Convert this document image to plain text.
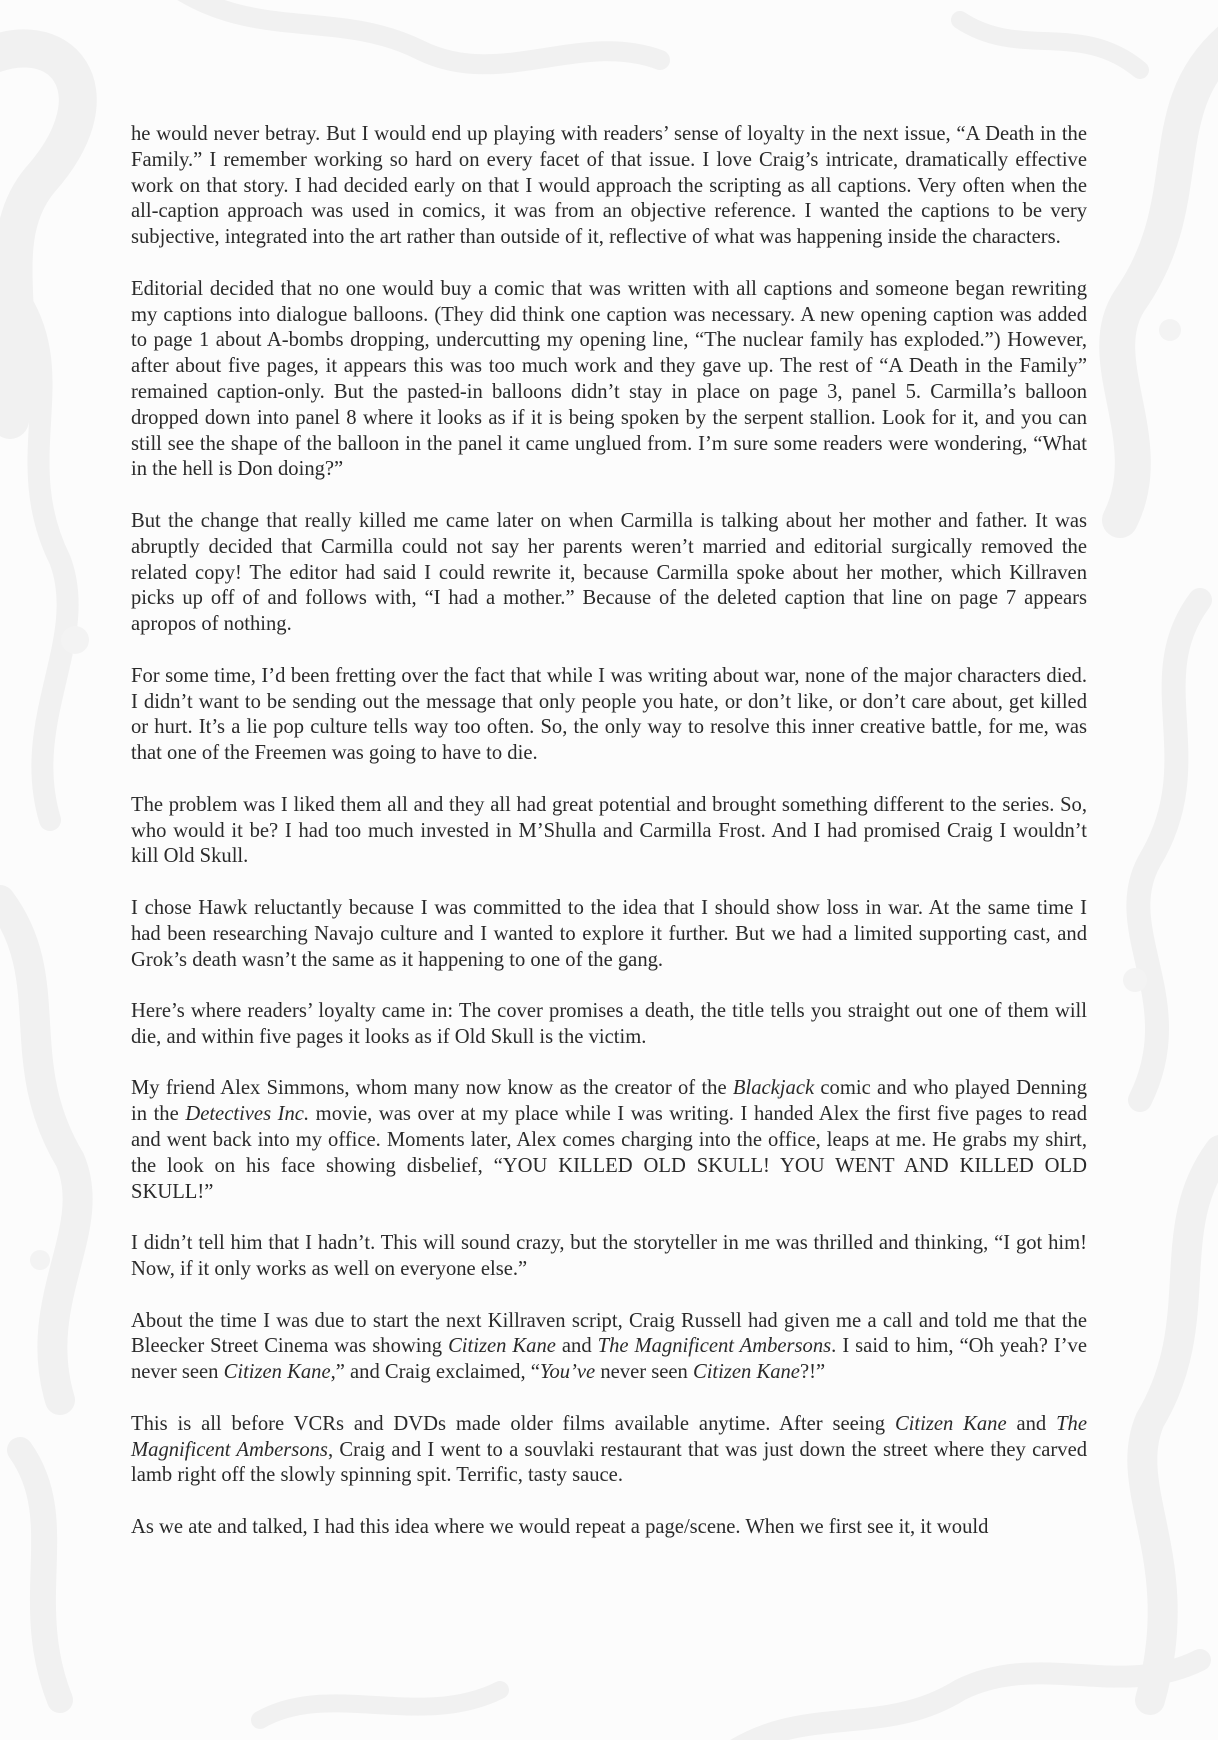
he would never betray. But I would end up playing with readers’ sense of loyalty in the next issue, “A Death in the Family.” I remember working so hard on every facet of that issue. I love Craig’s intricate, dramatically effective work on that story. I had decided early on that I would approach the scripting as all captions. Very often when the all-caption approach was used in comics, it was from an objective reference. I wanted the captions to be very subjective, integrated into the art rather than outside of it, reflective of what was happening inside the characters.

Editorial decided that no one would buy a comic that was written with all captions and someone began rewriting my captions into dialogue balloons. (They did think one caption was necessary. A new opening caption was added to page 1 about A-bombs dropping, undercutting my opening line, “The nuclear family has exploded.”) However, after about five pages, it appears this was too much work and they gave up. The rest of “A Death in the Family” remained caption-only. But the pasted-in balloons didn’t stay in place on page 3, panel 5. Carmilla’s balloon dropped down into panel 8 where it looks as if it is being spoken by the serpent stallion. Look for it, and you can still see the shape of the balloon in the panel it came unglued from. I’m sure some readers were wondering, “What in the hell is Don doing?”

But the change that really killed me came later on when Carmilla is talking about her mother and father. It was abruptly decided that Carmilla could not say her parents weren’t married and editorial surgically removed the related copy! The editor had said I could rewrite it, because Carmilla spoke about her mother, which Killraven picks up off of and follows with, “I had a mother.” Because of the deleted caption that line on page 7 appears apropos of nothing.

For some time, I’d been fretting over the fact that while I was writing about war, none of the major characters died. I didn’t want to be sending out the message that only people you hate, or don’t like, or don’t care about, get killed or hurt. It’s a lie pop culture tells way too often. So, the only way to resolve this inner creative battle, for me, was that one of the Freemen was going to have to die.

The problem was I liked them all and they all had great potential and brought something different to the series. So, who would it be? I had too much invested in M’Shulla and Carmilla Frost. And I had promised Craig I wouldn’t kill Old Skull.

I chose Hawk reluctantly because I was committed to the idea that I should show loss in war. At the same time I had been researching Navajo culture and I wanted to explore it further. But we had a limited supporting cast, and Grok’s death wasn’t the same as it happening to one of the gang.

Here’s where readers’ loyalty came in: The cover promises a death, the title tells you straight out one of them will die, and within five pages it looks as if Old Skull is the victim.

My friend Alex Simmons, whom many now know as the creator of the Blackjack comic and who played Denning in the Detectives Inc. movie, was over at my place while I was writing. I handed Alex the first five pages to read and went back into my office. Moments later, Alex comes charging into the office, leaps at me. He grabs my shirt, the look on his face showing disbelief, “YOU KILLED OLD SKULL! YOU WENT AND KILLED OLD SKULL!”

I didn’t tell him that I hadn’t. This will sound crazy, but the storyteller in me was thrilled and thinking, “I got him! Now, if it only works as well on everyone else.”

About the time I was due to start the next Killraven script, Craig Russell had given me a call and told me that the Bleecker Street Cinema was showing Citizen Kane and The Magnificent Ambersons. I said to him, “Oh yeah? I’ve never seen Citizen Kane,” and Craig exclaimed, “You’ve never seen Citizen Kane?!”

This is all before VCRs and DVDs made older films available anytime. After seeing Citizen Kane and The Magnificent Ambersons, Craig and I went to a souvlaki restaurant that was just down the street where they carved lamb right off the slowly spinning spit. Terrific, tasty sauce.

As we ate and talked, I had this idea where we would repeat a page/scene. When we first see it, it would
